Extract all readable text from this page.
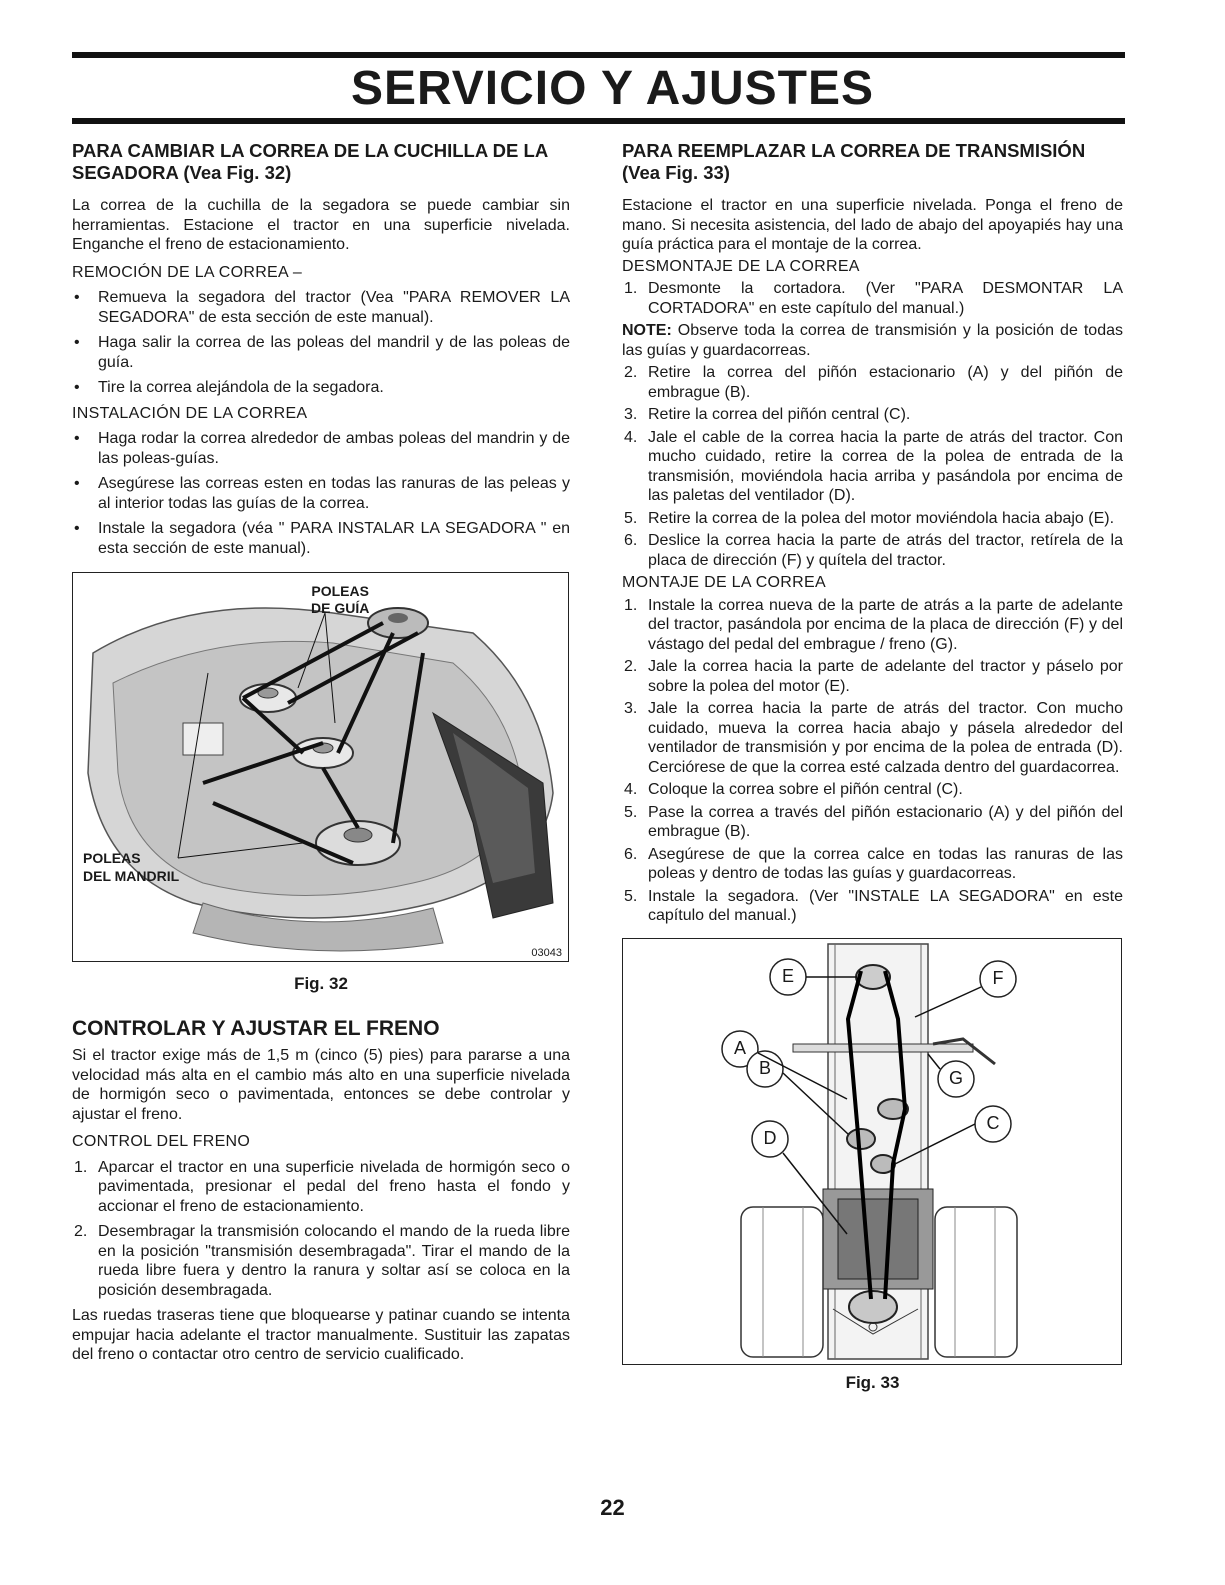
SERVICIO Y AJUSTES
PARA CAMBIAR LA CORREA DE LA CUCHILLA DE LA SEGADORA (Vea Fig. 32)

La correa de la cuchilla de la segadora se puede cambiar sin herramientas. Estacione el tractor en una superficie nivelada. Enganche el freno de estacionamiento.

REMOCIÓN DE LA CORREA –
• Remueva la segadora del tractor (Vea "PARA REMOVER LA SEGADORA" de esta sección de este manual).
• Haga salir la correa de las poleas del mandril y de las poleas de guía.
• Tire la correa alejándola de la segadora.
INSTALACIÓN DE LA CORREA
• Haga rodar la correa alrededor de ambas poleas del mandrin y de las poleas-guías.
• Asegúrese las correas esten en todas las ranuras de las peleas y al interior todas las guías de la correa.
• Instale la segadora (véa " PARA INSTALAR LA SEGADORA " en esta sección de este manual).
POLEAS
DE GUÍA
POLEAS
DEL MANDRIL
03043
Fig. 32
CONTROLAR Y AJUSTAR EL FRENO

Si el tractor exige más de 1,5 m (cinco (5) pies) para pararse a una velocidad más alta en el cambio más alto en una superficie nivelada de hormigón seco o pavimentada, entonces se debe controlar y ajustar el freno.

CONTROL DEL FRENO
1. Aparcar el tractor en una superficie nivelada de hormigón seco o pavimentada, presionar el pedal del freno hasta el fondo y accionar el freno de estacionamiento.
2. Desembragar la transmisión colocando el mando de la rueda libre en la posición "transmisión desembragada". Tirar el mando de la rueda libre fuera y dentro la ranura y soltar así se coloca en la posición desembragada.

Las ruedas traseras tiene que bloquearse y patinar cuando se intenta empujar hacia adelante el tractor manualmente. Sustituir las zapatas del freno o contactar otro centro de servicio cualificado.

PARA REEMPLAZAR LA CORREA DE TRANSMISIÓN (Vea Fig. 33)

Estacione el tractor en una superficie nivelada. Ponga el freno de mano. Si necesita asistencia, del lado de abajo del apoyapiés hay una guía práctica para el montaje de la correa.

DESMONTAJE DE LA CORREA
1. Desmonte la cortadora. (Ver "PARA DESMONTAR LA CORTADORA" en este capítulo del manual.)

NOTE: Observe toda la correa de transmisión y la posición de todas las guías y guardacorreas.

2. Retire la correa del piñón estacionario (A) y del piñón de embrague (B).
3. Retire la correa del piñón central (C).
4. Jale el cable de la correa hacia la parte de atrás del tractor. Con mucho cuidado, retire la correa de la polea de entrada de la transmisión, moviéndola hacia arriba y pasándola por encima de las paletas del ventilador (D).
5. Retire la correa de la polea del motor moviéndola hacia abajo (E).
6. Deslice la correa hacia la parte de atrás del tractor, retírela de la placa de dirección (F) y quítela del tractor.
MONTAJE DE LA CORREA
1. Instale la correa nueva de la parte de atrás a la parte de adelante del tractor, pasándola por encima de la placa de dirección (F) y del vástago del pedal del embrague / freno (G).
2. Jale la correa hacia la parte de adelante del tractor y páselo por sobre la polea del motor (E).
3. Jale la correa hacia la parte de atrás del tractor. Con mucho cuidado, mueva la correa hacia abajo y pásela alrededor del ventilador de transmisión y por encima de la polea de entrada (D). Cerciórese de que la correa esté calzada dentro del guardacorrea.
4. Coloque la correa sobre el piñón central (C).
5. Pase la correa a través del piñón estacionario (A) y del piñón del embrague (B).
6. Asegúrese de que la correa calce en todas las ranuras de las poleas y dentro de todas las guías y guardacorreas.
5. Instale la segadora. (Ver "INSTALE LA SEGADORA" en este capítulo del manual.)
E	F
A
G
B
C
D
Fig. 33
22
